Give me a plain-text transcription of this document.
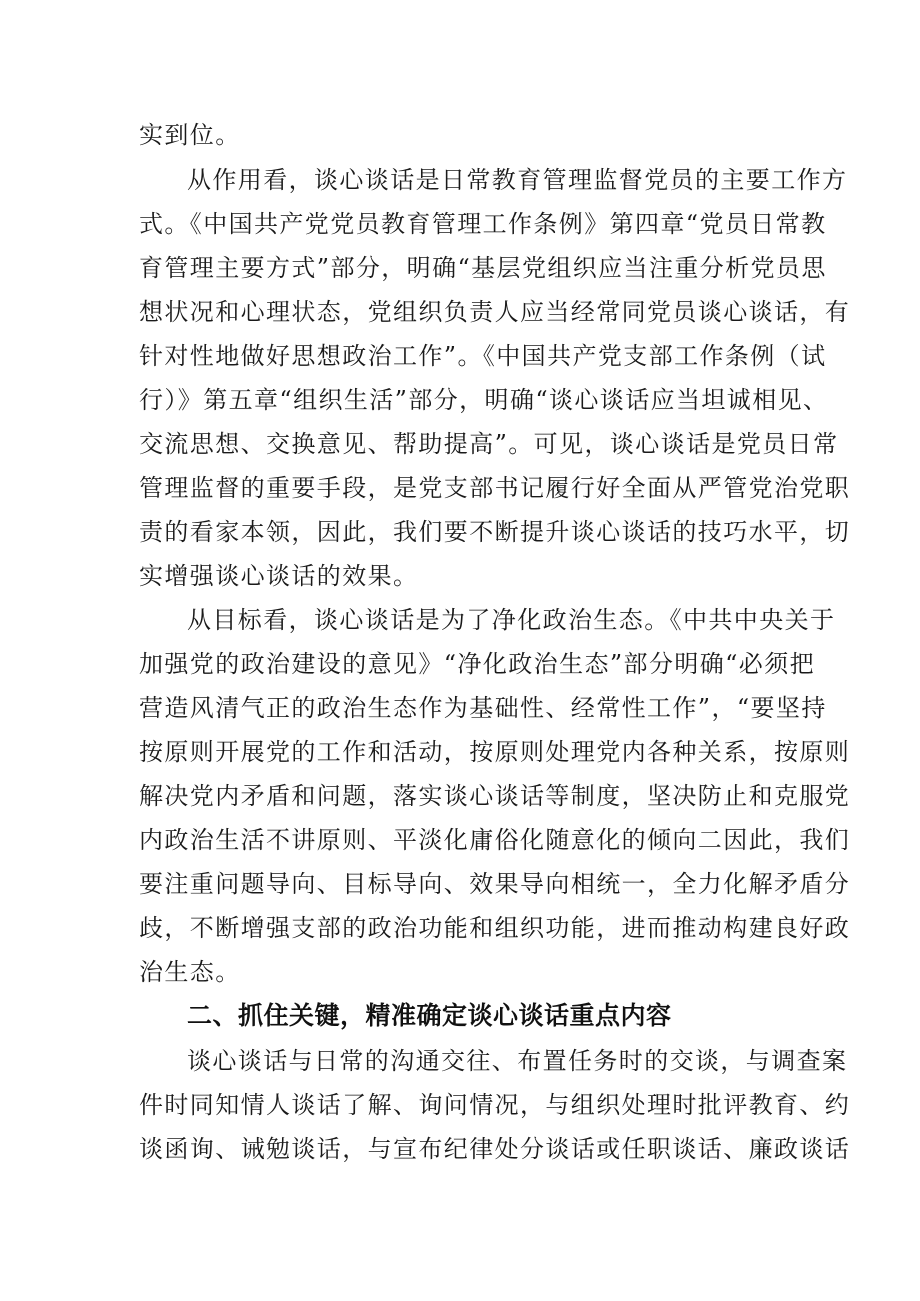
实到位。
从作用看，谈心谈话是日常教育管理监督党员的主要工作方
式。《中国共产党党员教育管理工作条例》第四章“党员日常教
育管理主要方式”部分，明确“基层党组织应当注重分析党员思
想状况和心理状态，党组织负责人应当经常同党员谈心谈话，有
针对性地做好思想政治工作”。《中国共产党支部工作条例（试
行）》第五章“组织生活”部分，明确“谈心谈话应当坦诚相见、
交流思想、交换意见、帮助提高”。可见，谈心谈话是党员日常
管理监督的重要手段，是党支部书记履行好全面从严管党治党职
责的看家本领，因此，我们要不断提升谈心谈话的技巧水平，切
实增强谈心谈话的效果。
从目标看，谈心谈话是为了净化政治生态。《中共中央关于
加强党的政治建设的意见》“净化政治生态”部分明确“必须把
营造风清气正的政治生态作为基础性、经常性工作”，“要坚持
按原则开展党的工作和活动，按原则处理党内各种关系，按原则
解决党内矛盾和问题，落实谈心谈话等制度，坚决防止和克服党
内政治生活不讲原则、平淡化庸俗化随意化的倾向二因此，我们
要注重问题导向、目标导向、效果导向相统一，全力化解矛盾分
歧，不断增强支部的政治功能和组织功能，进而推动构建良好政
治生态。
谈心谈话与日常的沟通交往、布置任务时的交谈，与调查案
件时同知情人谈话了解、询问情况，与组织处理时批评教育、约
谈函询、诫勉谈话，与宣布纪律处分谈话或任职谈话、廉政谈话
二、抓住关键，精准确定谈心谈话重点内容
